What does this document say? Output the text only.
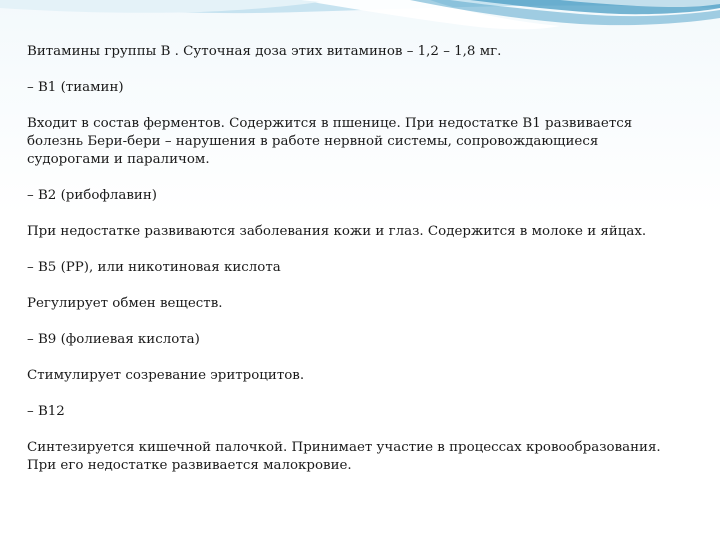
Витамины группы В . Суточная доза этих витаминов – 1,2 – 1,8 мг.

– В1 (тиамин)

Входит в состав ферментов. Содержится в пшенице. При недостатке В1 развивается
болезнь Бери-бери – нарушения в работе нервной системы, сопровождающиеся
судорогами и параличом.

– В2 (рибофлавин)

При недостатке развиваются заболевания кожи и глаз. Содержится в молоке и яйцах.

– В5 (РР), или никотиновая кислота

Регулирует обмен веществ.

– В9 (фолиевая кислота)

Стимулирует созревание эритроцитов.

– В12

Синтезируется кишечной палочкой. Принимает участие в процессах кровообразования.
При его недостатке развивается малокровие.
